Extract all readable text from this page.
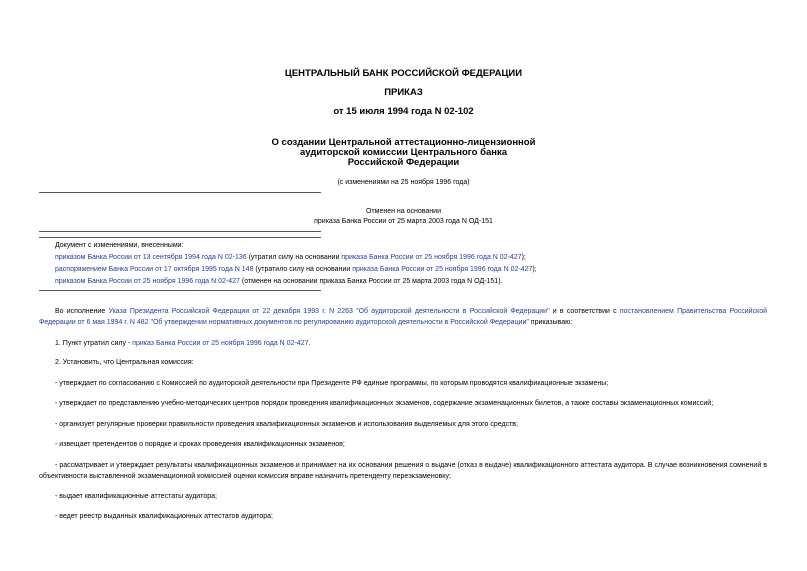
ЦЕНТРАЛЬНЫЙ БАНК РОССИЙСКОЙ ФЕДЕРАЦИИ
ПРИКАЗ
от 15 июля 1994 года N 02-102
О создании Центральной аттестационно-лицензионной
аудиторской комиссии Центрального банка
Российской Федерации
(с изменениями на 25 ноября 1996 года)
Отменен на основании
приказа Банка России от 25 марта 2003 года N ОД-151
Документ с изменениями, внесенными:
приказом Банка России от 13 сентября 1994 года N 02-136 (утратил силу на основании приказа Банка России от 25 ноября 1996 года N 02-427);
распоряжением Банка России от 17 октября 1995 года N 148 (утратило силу на основании приказа Банка России от 25 ноября 1996 года N 02-427);
приказом Банка России от 25 ноября 1996 года N 02-427 (отменен на основании приказа Банка России от 25 марта 2003 года N ОД-151).
Во исполнение Указа Президента Российской Федерации от 22 декабря 1993 г. N 2263 "Об аудиторской деятельности в Российской Федерации" и в соответствии с постановлением Правительства Российской Федерации от 6 мая 1994 г. N 482 "Об утверждении нормативных документов по регулированию аудиторской деятельности в Российской Федерации" приказываю:
1. Пункт утратил силу - приказ Банка России от 25 ноября 1996 года N 02-427.
2. Установить, что Центральная комиссия:
- утверждает по согласованию с Комиссией по аудиторской деятельности при Президенте РФ единые программы, по которым проводятся квалификационные экзамены;
- утверждает по представлению учебно-методических центров порядок проведения квалификационных экзаменов, содержание экзаменационных билетов, а также составы экзаменационных комиссий;
- организует регулярные проверки правильности проведения квалификационных экзаменов и использования выделяемых для этого средств;
- извещает претендентов о порядке и сроках проведения квалификационных экзаменов;
- рассматривает и утверждает результаты квалификационных экзаменов и принимает на их основании решения о выдаче (отказ в выдаче) квалификационного аттестата аудитора. В случае возникновения сомнений в объективности выставленной экзаменационной комиссией оценки комиссия вправе назначить претенденту переэкзаменовку;
- выдает квалификационные аттестаты аудитора;
- ведет реестр выданных квалификационных аттестатов аудитора;
